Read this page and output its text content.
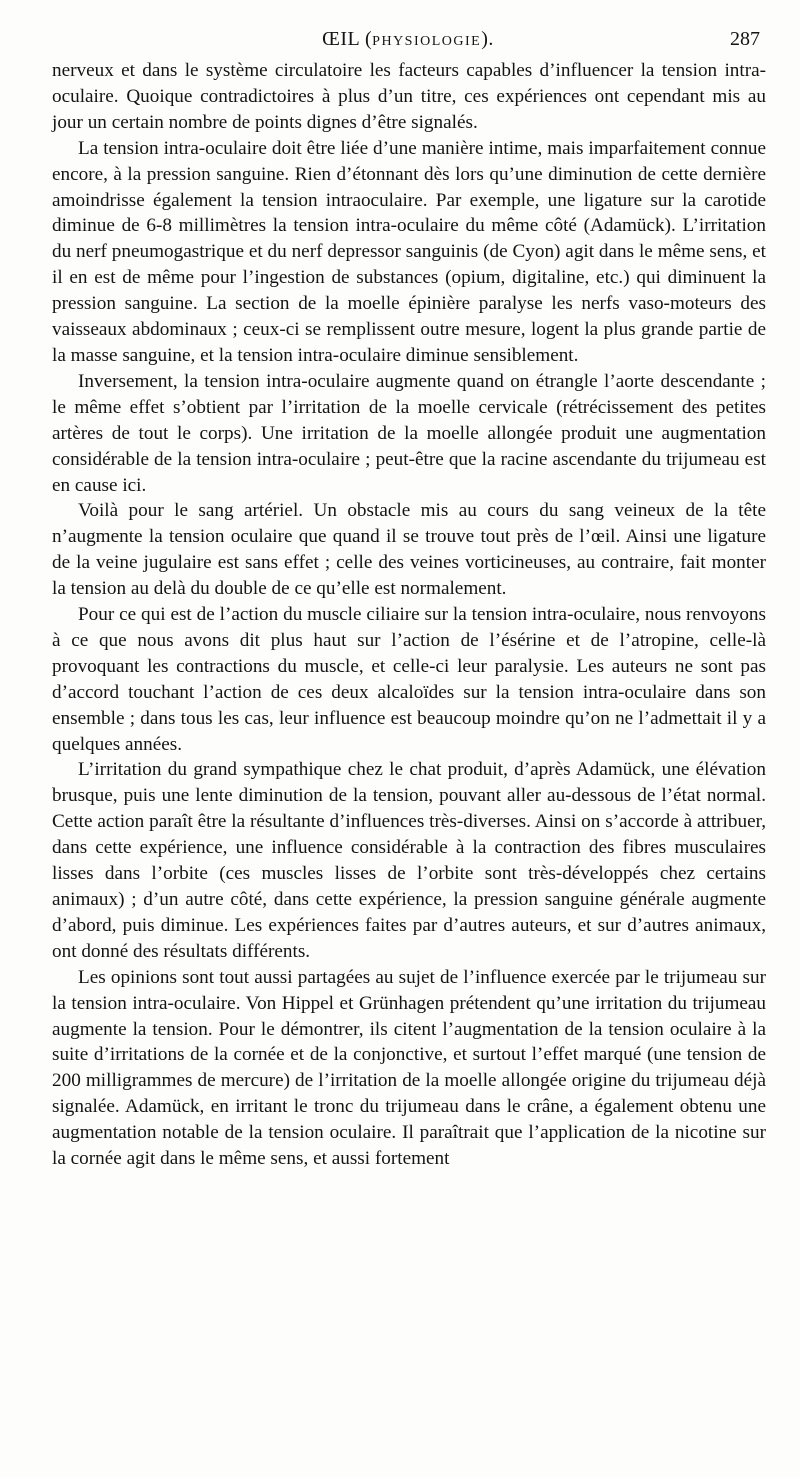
ŒIL (PHYSIOLOGIE).	287

nerveux et dans le système circulatoire les facteurs capables d’influencer la tension intra-oculaire. Quoique contradictoires à plus d’un titre, ces expériences ont cependant mis au jour un certain nombre de points dignes d’être signalés.

La tension intra-oculaire doit être liée d’une manière intime, mais imparfaitement connue encore, à la pression sanguine. Rien d’étonnant dès lors qu’une diminution de cette dernière amoindrisse également la tension intraoculaire. Par exemple, une ligature sur la carotide diminue de 6-8 millimètres la tension intra-oculaire du même côté (Adamück). L’irritation du nerf pneumogastrique et du nerf depressor sanguinis (de Cyon) agit dans le même sens, et il en est de même pour l’ingestion de substances (opium, digitaline, etc.) qui diminuent la pression sanguine. La section de la moelle épinière paralyse les nerfs vaso-moteurs des vaisseaux abdominaux ; ceux-ci se remplissent outre mesure, logent la plus grande partie de la masse sanguine, et la tension intra-oculaire diminue sensiblement.

Inversement, la tension intra-oculaire augmente quand on étrangle l’aorte descendante ; le même effet s’obtient par l’irritation de la moelle cervicale (rétrécissement des petites artères de tout le corps). Une irritation de la moelle allongée produit une augmentation considérable de la tension intra-oculaire ; peut-être que la racine ascendante du trijumeau est en cause ici.

Voilà pour le sang artériel. Un obstacle mis au cours du sang veineux de la tête n’augmente la tension oculaire que quand il se trouve tout près de l’œil. Ainsi une ligature de la veine jugulaire est sans effet ; celle des veines vorticineuses, au contraire, fait monter la tension au delà du double de ce qu’elle est normalement.

Pour ce qui est de l’action du muscle ciliaire sur la tension intra-oculaire, nous renvoyons à ce que nous avons dit plus haut sur l’action de l’ésérine et de l’atropine, celle-là provoquant les contractions du muscle, et celle-ci leur paralysie. Les auteurs ne sont pas d’accord touchant l’action de ces deux alcaloïdes sur la tension intra-oculaire dans son ensemble ; dans tous les cas, leur influence est beaucoup moindre qu’on ne l’admettait il y a quelques années.

L’irritation du grand sympathique chez le chat produit, d’après Adamück, une élévation brusque, puis une lente diminution de la tension, pouvant aller au-dessous de l’état normal. Cette action paraît être la résultante d’influences très-diverses. Ainsi on s’accorde à attribuer, dans cette expérience, une influence considérable à la contraction des fibres musculaires lisses dans l’orbite (ces muscles lisses de l’orbite sont très-développés chez certains animaux) ; d’un autre côté, dans cette expérience, la pression sanguine générale augmente d’abord, puis diminue. Les expériences faites par d’autres auteurs, et sur d’autres animaux, ont donné des résultats différents.

Les opinions sont tout aussi partagées au sujet de l’influence exercée par le trijumeau sur la tension intra-oculaire. Von Hippel et Grünhagen prétendent qu’une irritation du trijumeau augmente la tension. Pour le démontrer, ils citent l’augmentation de la tension oculaire à la suite d’irritations de la cornée et de la conjonctive, et surtout l’effet marqué (une tension de 200 milligrammes de mercure) de l’irritation de la moelle allongée origine du trijumeau déjà signalée. Adamück, en irritant le tronc du trijumeau dans le crâne, a également obtenu une augmentation notable de la tension oculaire. Il paraîtrait que l’application de la nicotine sur la cornée agit dans le même sens, et aussi fortement
